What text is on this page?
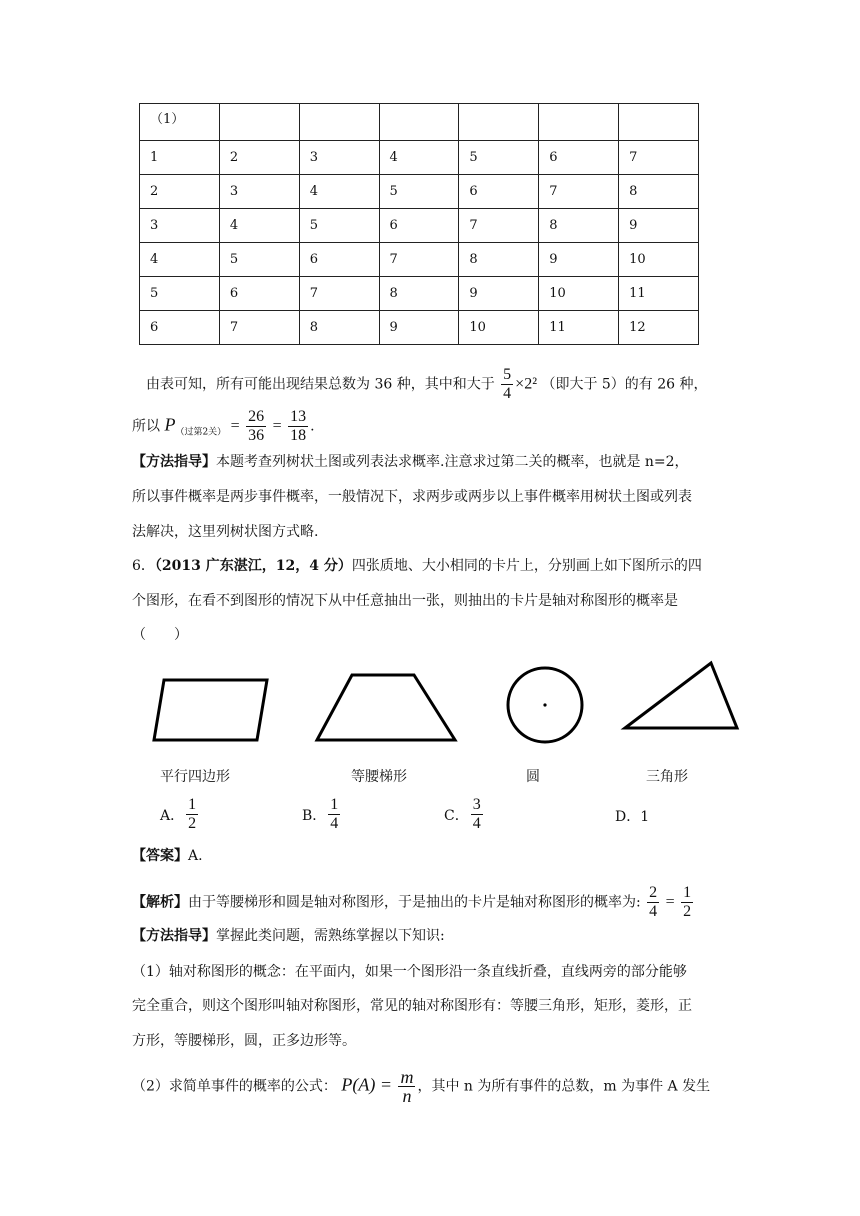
（1）						
1	2	3	4	5	6	7
2	3	4	5	6	7	8
3	4	5	6	7	8	9
4	5	6	7	8	9	10
5	6	7	8	9	10	11
6	7	8	9	10	11	12
由表可知，所有可能出现结果总数为 36 种，其中和大于 $\frac{5}{4} \times 2^2$ （即大于 5）的有 26 种，
所以 $P_{(过第2关)} = \frac{26}{36} = \frac{13}{18}$ .
【方法指导】本题考查列树状土图或列表法求概率.注意求过第二关的概率，也就是 n=2，
所以事件概率是两步事件概率，一般情况下，求两步或两步以上事件概率用树状土图或列表
法解决，这里列树状图方式略.
6．（2013 广东湛江，12，4 分）四张质地、大小相同的卡片上，分别画上如下图所示的四
个图形，在看不到图形的情况下从中任意抽出一张，则抽出的卡片是轴对称图形的概率是
（　　）
平行四边形	等腰梯形	圆	三角形
A． $\frac{1}{2}$	B． $\frac{1}{4}$	C． $\frac{3}{4}$	D．1
【答案】A.
【解析】由于等腰梯形和圆是轴对称图形，于是抽出的卡片是轴对称图形的概率为: $\frac{2}{4} = \frac{1}{2}$
【方法指导】掌握此类问题，需熟练掌握以下知识:
（1）轴对称图形的概念：在平面内，如果一个图形沿一条直线折叠，直线两旁的部分能够
完全重合，则这个图形叫轴对称图形，常见的轴对称图形有：等腰三角形，矩形，菱形，正
方形，等腰梯形，圆，正多边形等。
（2）求简单事件的概率的公式： $P(A) = \frac{m}{n}$ ，其中 n 为所有事件的总数，m 为事件 A 发生
